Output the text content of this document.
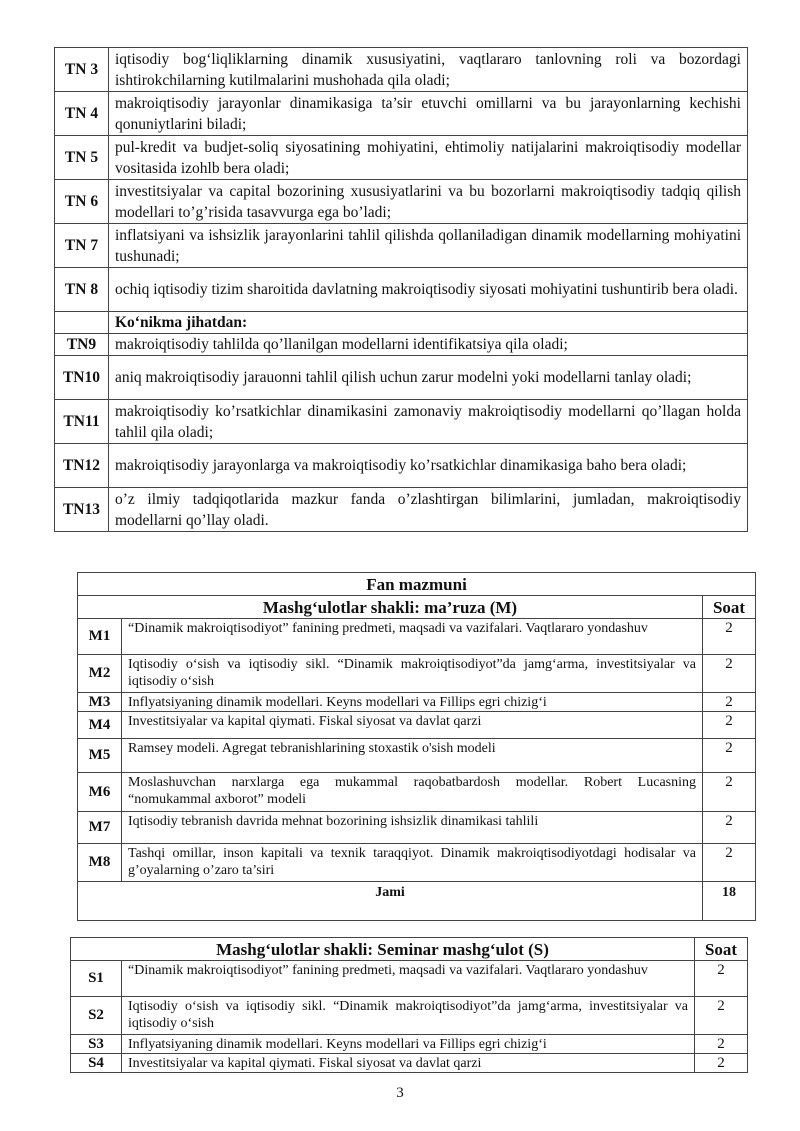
TN 3	iqtisodiy bog‘liqliklarning dinamik xususiyatini, vaqtlararo tanlovning roli va bozordagi ishtirokchilarning kutilmalarini mushohada qila oladi;
TN 4	makroiqtisodiy jarayonlar dinamikasiga ta’sir etuvchi omillarni va bu jarayonlarning kechishi qonuniytlarini biladi;
TN 5	pul-kredit va budjet-soliq siyosatining mohiyatini, ehtimoliy natijalarini makroiqtisodiy modellar vositasida izohlb bera oladi;
TN 6	investitsiyalar va capital bozorining xususiyatlarini va bu bozorlarni makroiqtisodiy tadqiq qilish modellari to’g’risida tasavvurga ega bo’ladi;
TN 7	inflatsiyani va ishsizlik jarayonlarini tahlil qilishda qollaniladigan dinamik modellarning mohiyatini tushunadi;
TN 8	ochiq iqtisodiy tizim sharoitida davlatning makroiqtisodiy siyosati mohiyatini tushuntirib bera oladi.
	Ko‘nikma jihatdan:
TN9	makroiqtisodiy tahlilda qo’llanilgan modellarni identifikatsiya qila oladi;
TN10	aniq makroiqtisodiy jarauonni tahlil qilish uchun zarur modelni yoki modellarni tanlay oladi;
TN11	makroiqtisodiy ko’rsatkichlar dinamikasini zamonaviy makroiqtisodiy modellarni qo’llagan holda tahlil qila oladi;
TN12	makroiqtisodiy jarayonlarga va makroiqtisodiy ko’rsatkichlar dinamikasiga baho bera oladi;
TN13	o’z ilmiy tadqiqotlarida mazkur fanda o’zlashtirgan bilimlarini, jumladan, makroiqtisodiy modellarni qo’llay oladi.
Fan mazmuni		
Mashg‘ulotlar shakli: ma’ruza (M)		Soat
M1	“Dinamik makroiqtisodiyot” fanining predmeti, maqsadi va vazifalari. Vaqtlararo yondashuv	2
M2	Iqtisodiy o‘sish va iqtisodiy sikl. “Dinamik makroiqtisodiyot”da jamg‘arma, investitsiyalar va iqtisodiy o‘sish	2
M3	Inflyatsiyaning dinamik modellari. Keyns modellari va Fillips egri chizig‘i	2
M4	Investitsiyalar va kapital qiymati. Fiskal siyosat va davlat qarzi	2
M5	Ramsey modeli. Agregat tebranishlarining stoxastik o'sish modeli	2
M6	Moslashuvchan narxlarga ega mukammal raqobatbardosh modellar. Robert Lucasning “nomukammal axborot” modeli	2
M7	Iqtisodiy tebranish davrida mehnat bozorining ishsizlik dinamikasi tahlili	2
M8	Tashqi omillar, inson kapitali va texnik taraqqiyot. Dinamik makroiqtisodiyotdagi hodisalar va g’oyalarning o’zaro ta’siri	2
Jami		18
Mashg‘ulotlar shakli: Seminar mashg‘ulot (S)		Soat
S1	“Dinamik makroiqtisodiyot” fanining predmeti, maqsadi va vazifalari. Vaqtlararo yondashuv	2
S2	Iqtisodiy o‘sish va iqtisodiy sikl. “Dinamik makroiqtisodiyot”da jamg‘arma, investitsiyalar va iqtisodiy o‘sish	2
S3	Inflyatsiyaning dinamik modellari. Keyns modellari va Fillips egri chizig‘i	2
S4	Investitsiyalar va kapital qiymati. Fiskal siyosat va davlat qarzi	2
3
